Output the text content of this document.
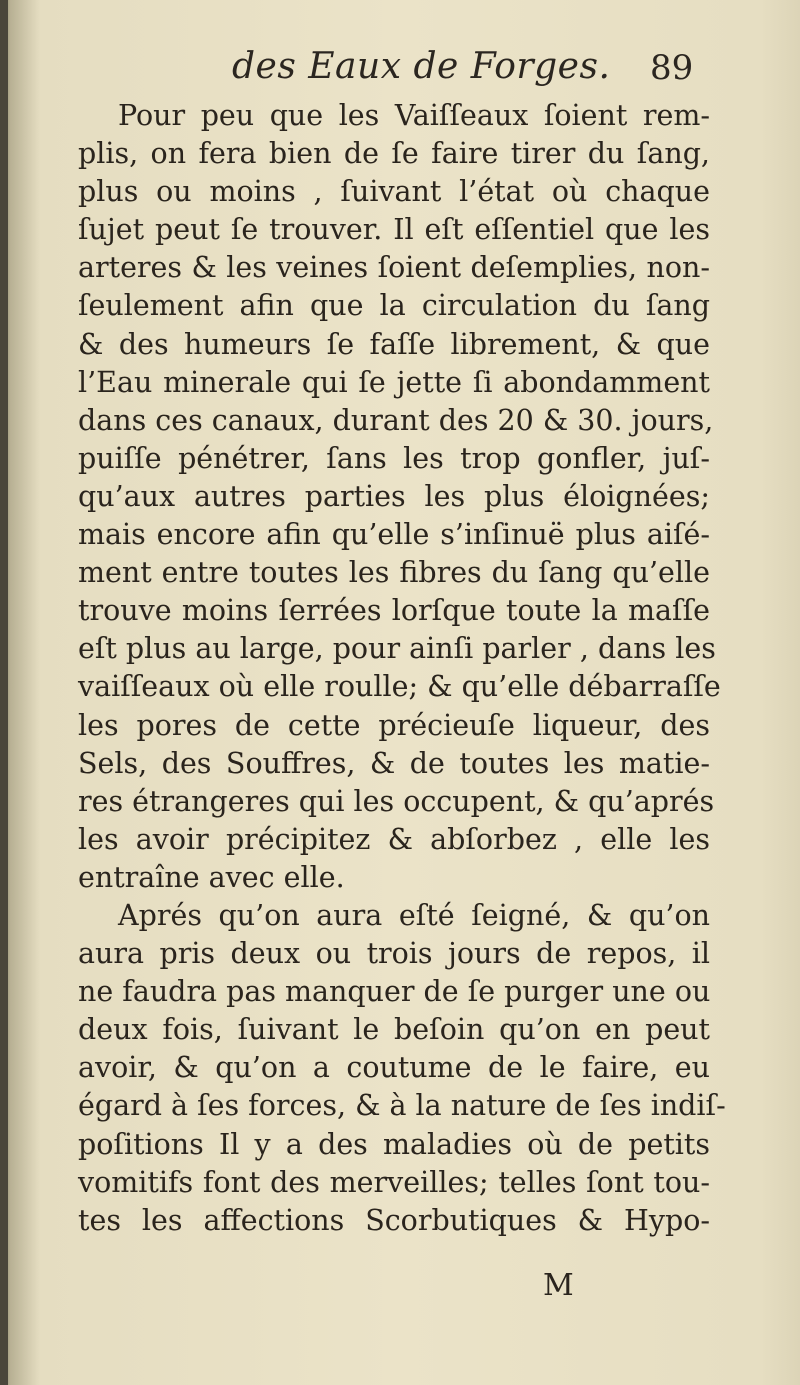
des Eaux de Forges. 89
Pour peu que les Vaiſſeaux ſoient rem-
plis, on fera bien de ſe faire tirer du ſang,
plus ou moins , ſuivant l’état où chaque
ſujet peut ſe trouver. Il eſt eſſentiel que les
arteres & les veines ſoient deſemplies, non-
ſeulement afin que la circulation du ſang
& des humeurs ſe faſſe librement, & que
l’Eau minerale qui ſe jette ſi abondamment
dans ces canaux, durant des 20 & 30. jours,
puiſſe pénétrer, ſans les trop gonfler, juſ-
qu’aux autres parties les plus éloignées;
mais encore afin qu’elle s’inſinuë plus aiſé-
ment entre toutes les fibres du ſang qu’elle
trouve moins ſerrées lorſque toute la maſſe
eſt plus au large, pour ainſi parler , dans les
vaiſſeaux où elle roulle; & qu’elle débarraſſe
les pores de cette précieuſe liqueur, des
Sels, des Souffres, & de toutes les matie-
res étrangeres qui les occupent, & qu’aprés
les avoir précipitez & abſorbez , elle les
entraîne avec elle.
Aprés qu’on aura eſté ſeigné, & qu’on
aura pris deux ou trois jours de repos, il
ne faudra pas manquer de ſe purger une ou
deux fois, ſuivant le beſoin qu’on en peut
avoir, & qu’on a coutume de le faire, eu
égard à ſes forces, & à la nature de ſes indiſ-
poſitions Il y a des maladies où de petits
vomitifs font des merveilles; telles ſont tou-
tes les affections Scorbutiques & Hypo-
M
